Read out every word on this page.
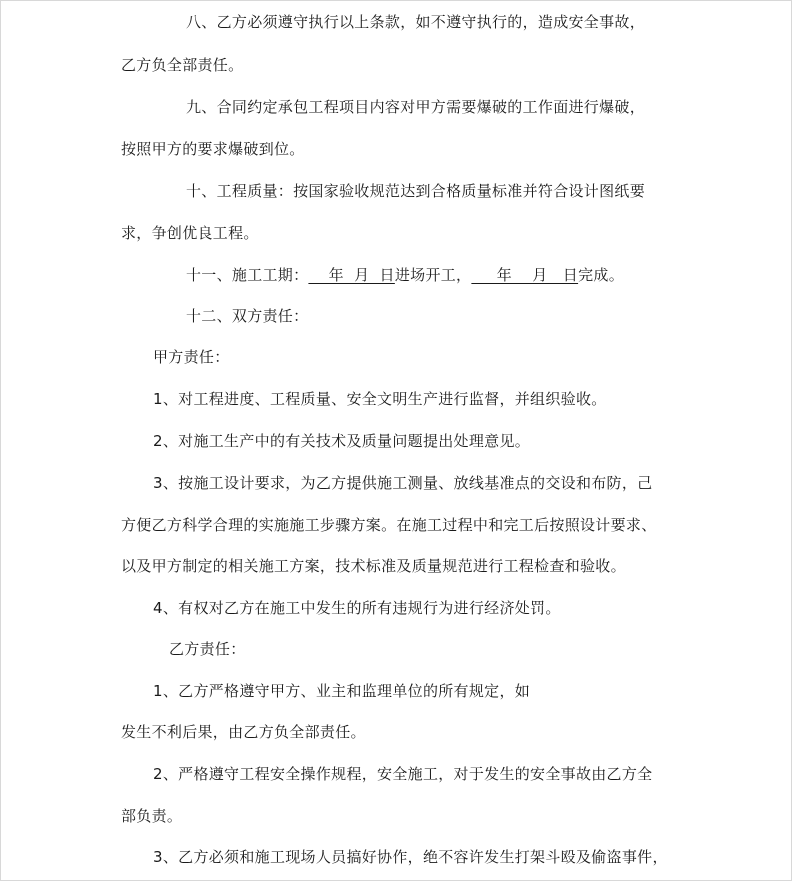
八、乙方必须遵守执行以上条款，如不遵守执行的，造成安全事故，
乙方负全部责任。
九、合同约定承包工程项目内容对甲方需要爆破的工作面进行爆破，
按照甲方的要求爆破到位。
十、工程质量：按国家验收规范达到合格质量标准并符合设计图纸要
求，争创优良工程。
十一、施工工期：    年  月  日进场开工，     年    月   日完成。
十二、双方责任：
甲方责任：
1、对工程进度、工程质量、安全文明生产进行监督，并组织验收。
2、对施工生产中的有关技术及质量问题提出处理意见。
3、按施工设计要求，为乙方提供施工测量、放线基准点的交设和布防，己
方便乙方科学合理的实施施工步骤方案。在施工过程中和完工后按照设计要求、
以及甲方制定的相关施工方案，技术标准及质量规范进行工程检查和验收。
4、有权对乙方在施工中发生的所有违规行为进行经济处罚。
乙方责任：
1、乙方严格遵守甲方、业主和监理单位的所有规定，如
发生不利后果，由乙方负全部责任。
2、严格遵守工程安全操作规程，安全施工，对于发生的安全事故由乙方全
部负责。
3、乙方必须和施工现场人员搞好协作，绝不容许发生打架斗殴及偷盗事件，
